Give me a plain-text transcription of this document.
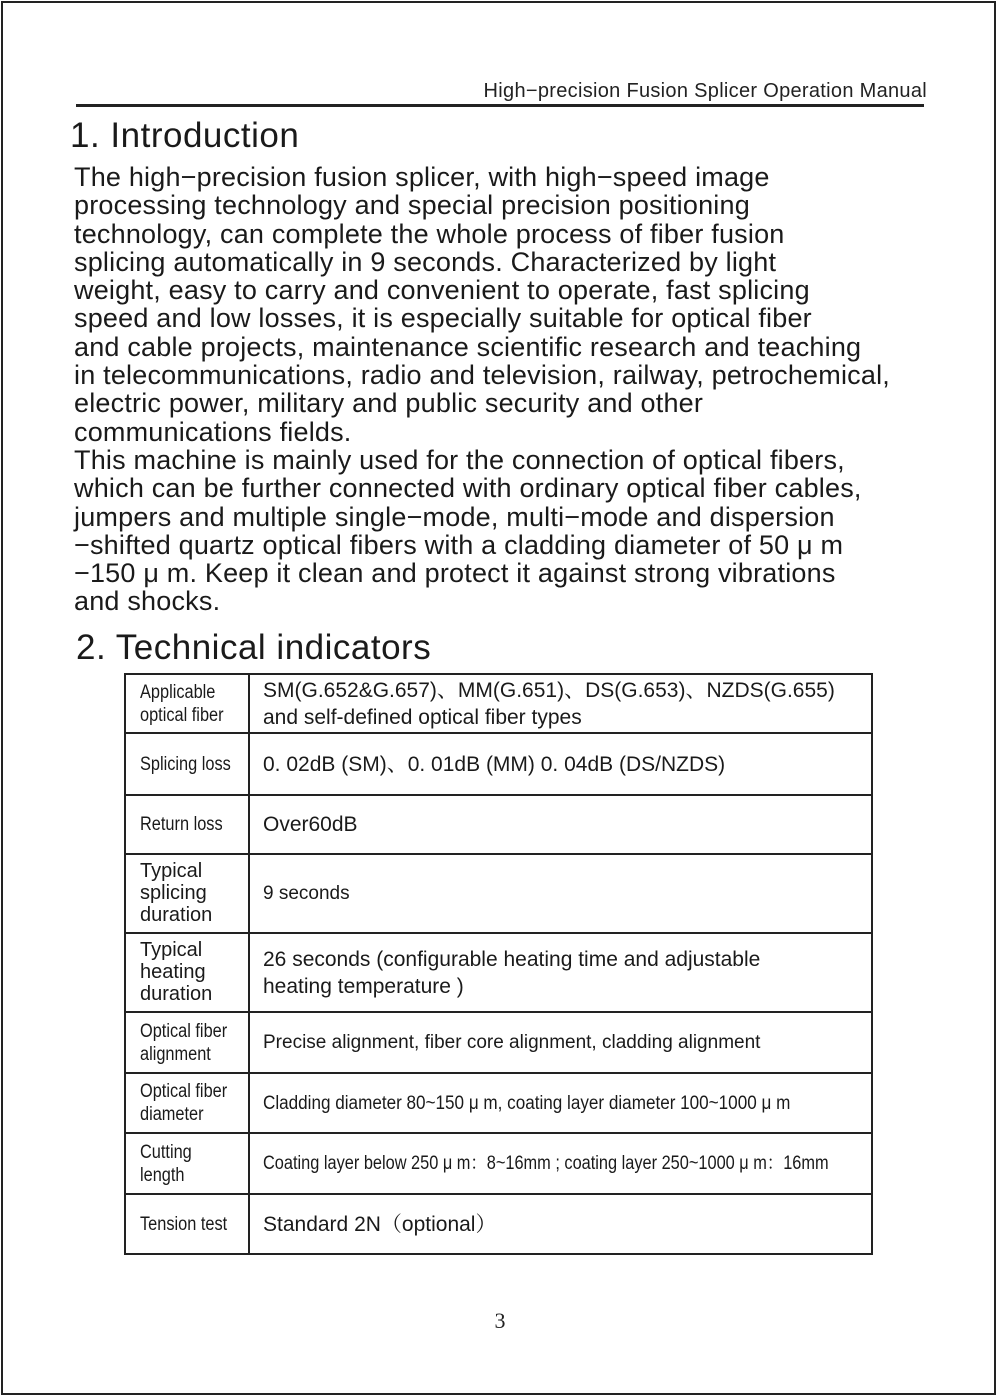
High−precision Fusion Splicer Operation Manual
1. Introduction

The high−precision fusion splicer, with high−speed image
processing technology and special precision positioning
technology, can complete the whole process of fiber fusion
splicing automatically in 9 seconds. Characterized by light
weight, easy to carry and convenient to operate, fast splicing
speed and low losses, it is especially suitable for optical fiber
and cable projects, maintenance scientific research and teaching
in telecommunications, radio and television, railway, petrochemical,
electric power, military and public security and other
communications fields.

This machine is mainly used for the connection of optical fibers,
which can be further connected with ordinary optical fiber cables,
jumpers and multiple single−mode, multi−mode and dispersion
−shifted quartz optical fibers with a cladding diameter of 50 μ m
−150 μ m. Keep it clean and protect it against strong vibrations
and shocks.

2. Technical indicators
Applicable
optical fiber	SM(G.652&G.657)、MM(G.651)、DS(G.653)、NZDS(G.655)
and self-defined optical fiber types
Splicing loss	0. 02dB (SM)、0. 01dB (MM) 0. 04dB (DS/NZDS)
Return loss	Over60dB
Typical
splicing
duration	9 seconds
Typical
heating
duration	26 seconds (configurable heating time and adjustable
heating temperature )
Optical fiber
alignment	Precise alignment, fiber core alignment, cladding alignment
Optical fiber
diameter	Cladding diameter 80~150 μ m, coating layer diameter 100~1000 μ m
Cutting length	Coating layer below 250 μ m：8~16mm ; coating layer 250~1000 μ m：16mm
Tension test	Standard 2N（optional）
3
